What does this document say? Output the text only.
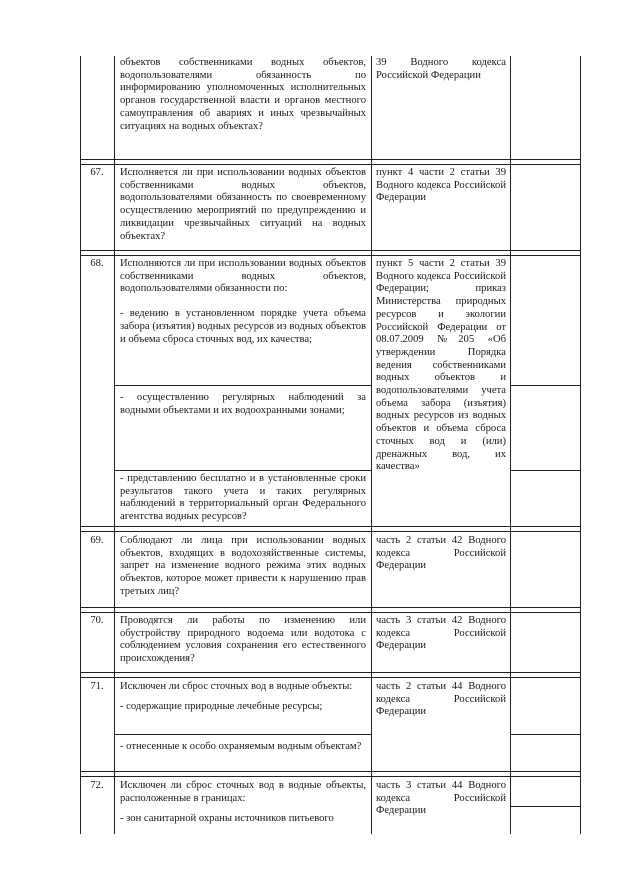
объектов собственниками водных объектов, водопользователями обязанность по информированию уполномоченных исполнительных органов государственной власти и органов местного самоуправления об авариях и иных чрезвычайных ситуациях на водных объектах?

39 Водного кодекса Российской Федерации
67.	Исполняется ли при использовании водных объектов собственниками водных объектов, водопользователями обязанность по своевременному осуществлению мероприятий по предупреждению и ликвидации чрезвычайных ситуаций на водных объектах?

пункт 4 части 2 статьи 39 Водного кодекса Российской Федерации
68.	Исполняются ли при использовании водных объектов собственниками водных объектов, водопользователями обязанности по:

- ведению в установленном порядке учета объема забора (изъятия) водных ресурсов из водных объектов и объема сброса сточных вод, их качества;

- осуществлению регулярных наблюдений за водными объектами и их водоохранными зонами;

- представлению бесплатно и в установленные сроки результатов такого учета и таких регулярных наблюдений в территориальный орган Федерального агентства водных ресурсов?

пункт 5 части 2 статьи 39 Водного кодекса Российской Федерации; приказ Министерства природных ресурсов и экологии Российской Федерации от 08.07.2009 №205 «Об утверждении Порядка ведения собственниками водных объектов и водопользователями учета объема забора (изъятия) водных ресурсов из водных объектов и объема сброса сточных вод и (или) дренажных вод, их качества»
69.	Соблюдают ли лица при использовании водных объектов, входящих в водохозяйственные системы, запрет на изменение водного режима этих водных объектов, которое может привести к нарушению прав третьих лиц?

часть 2 статьи 42 Водного кодекса Российской Федерации
70.	Проводятся ли работы по изменению или обустройству природного водоема или водотока с соблюдением условия сохранения его естественного происхождения?

часть 3 статьи 42 Водного кодекса Российской Федерации
71.	Исключен ли сброс сточных вод в водные объекты:

- содержащие природные лечебные ресурсы;

- отнесенные к особо охраняемым водным объектам?

часть 2 статьи 44 Водного кодекса Российской Федерации
72.	Исключен ли сброс сточных вод в водные объекты, расположенные в границах:

- зон санитарной охраны источников питьевого

часть 3 статьи 44 Водного кодекса Российской Федерации
